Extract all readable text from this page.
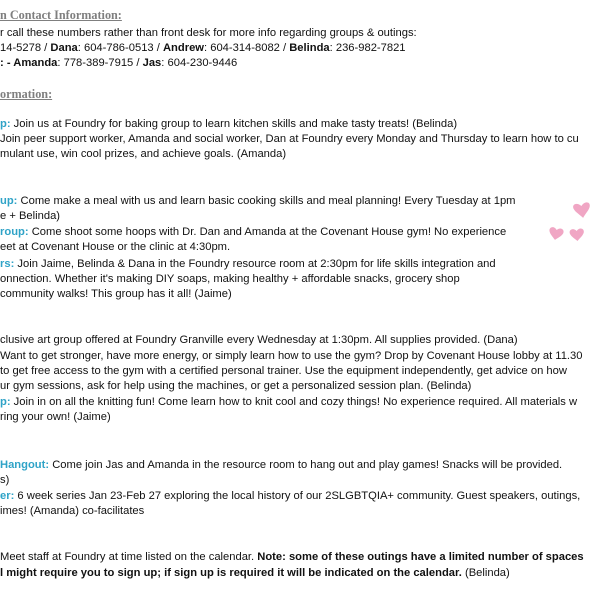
n Contact Information:
r call these numbers rather than front desk for more info regarding groups & outings:
14-5278 / Dana: 604-786-0513 / Andrew: 604-314-8082 / Belinda: 236-982-7821
: - Amanda: 778-389-7915 / Jas: 604-230-9446
ormation:
p: Join us at Foundry for baking group to learn kitchen skills and make tasty treats! (Belinda)
Join peer support worker, Amanda and social worker, Dan at Foundry every Monday and Thursday to learn how to cu
mulant use, win cool prizes, and achieve goals. (Amanda)
up: Come make a meal with us and learn basic cooking skills and meal planning! Every Tuesday at 1pm
e + Belinda)
roup: Come shoot some hoops with Dr. Dan and Amanda at the Covenant House gym! No experience
eet at Covenant House or the clinic at 4:30pm.
rs: Join Jaime, Belinda & Dana in the Foundry resource room at 2:30pm for life skills integration and
onnection. Whether it's making DIY soaps, making healthy + affordable snacks, grocery shop
community walks! This group has it all! (Jaime)
clusive art group offered at Foundry Granville every Wednesday at 1:30pm. All supplies provided. (Dana)
Want to get stronger, have more energy, or simply learn how to use the gym? Drop by Covenant House lobby at 11.30
to get free access to the gym with a certified personal trainer. Use the equipment independently, get advice on how
ur gym sessions, ask for help using the machines, or get a personalized session plan. (Belinda)
p: Join in on all the knitting fun! Come learn how to knit cool and cozy things! No experience required. All materials w
ring your own! (Jaime)
Hangout: Come join Jas and Amanda in the resource room to hang out and play games! Snacks will be provided.
s)
er: 6 week series Jan 23-Feb 27 exploring the local history of our 2SLGBTQIA+ community. Guest speakers, outings,
imes! (Amanda) co-facilitates
Meet staff at Foundry at time listed on the calendar. Note: some of these outings have a limited number of spaces
l might require you to sign up; if sign up is required it will be indicated on the calendar. (Belinda)
